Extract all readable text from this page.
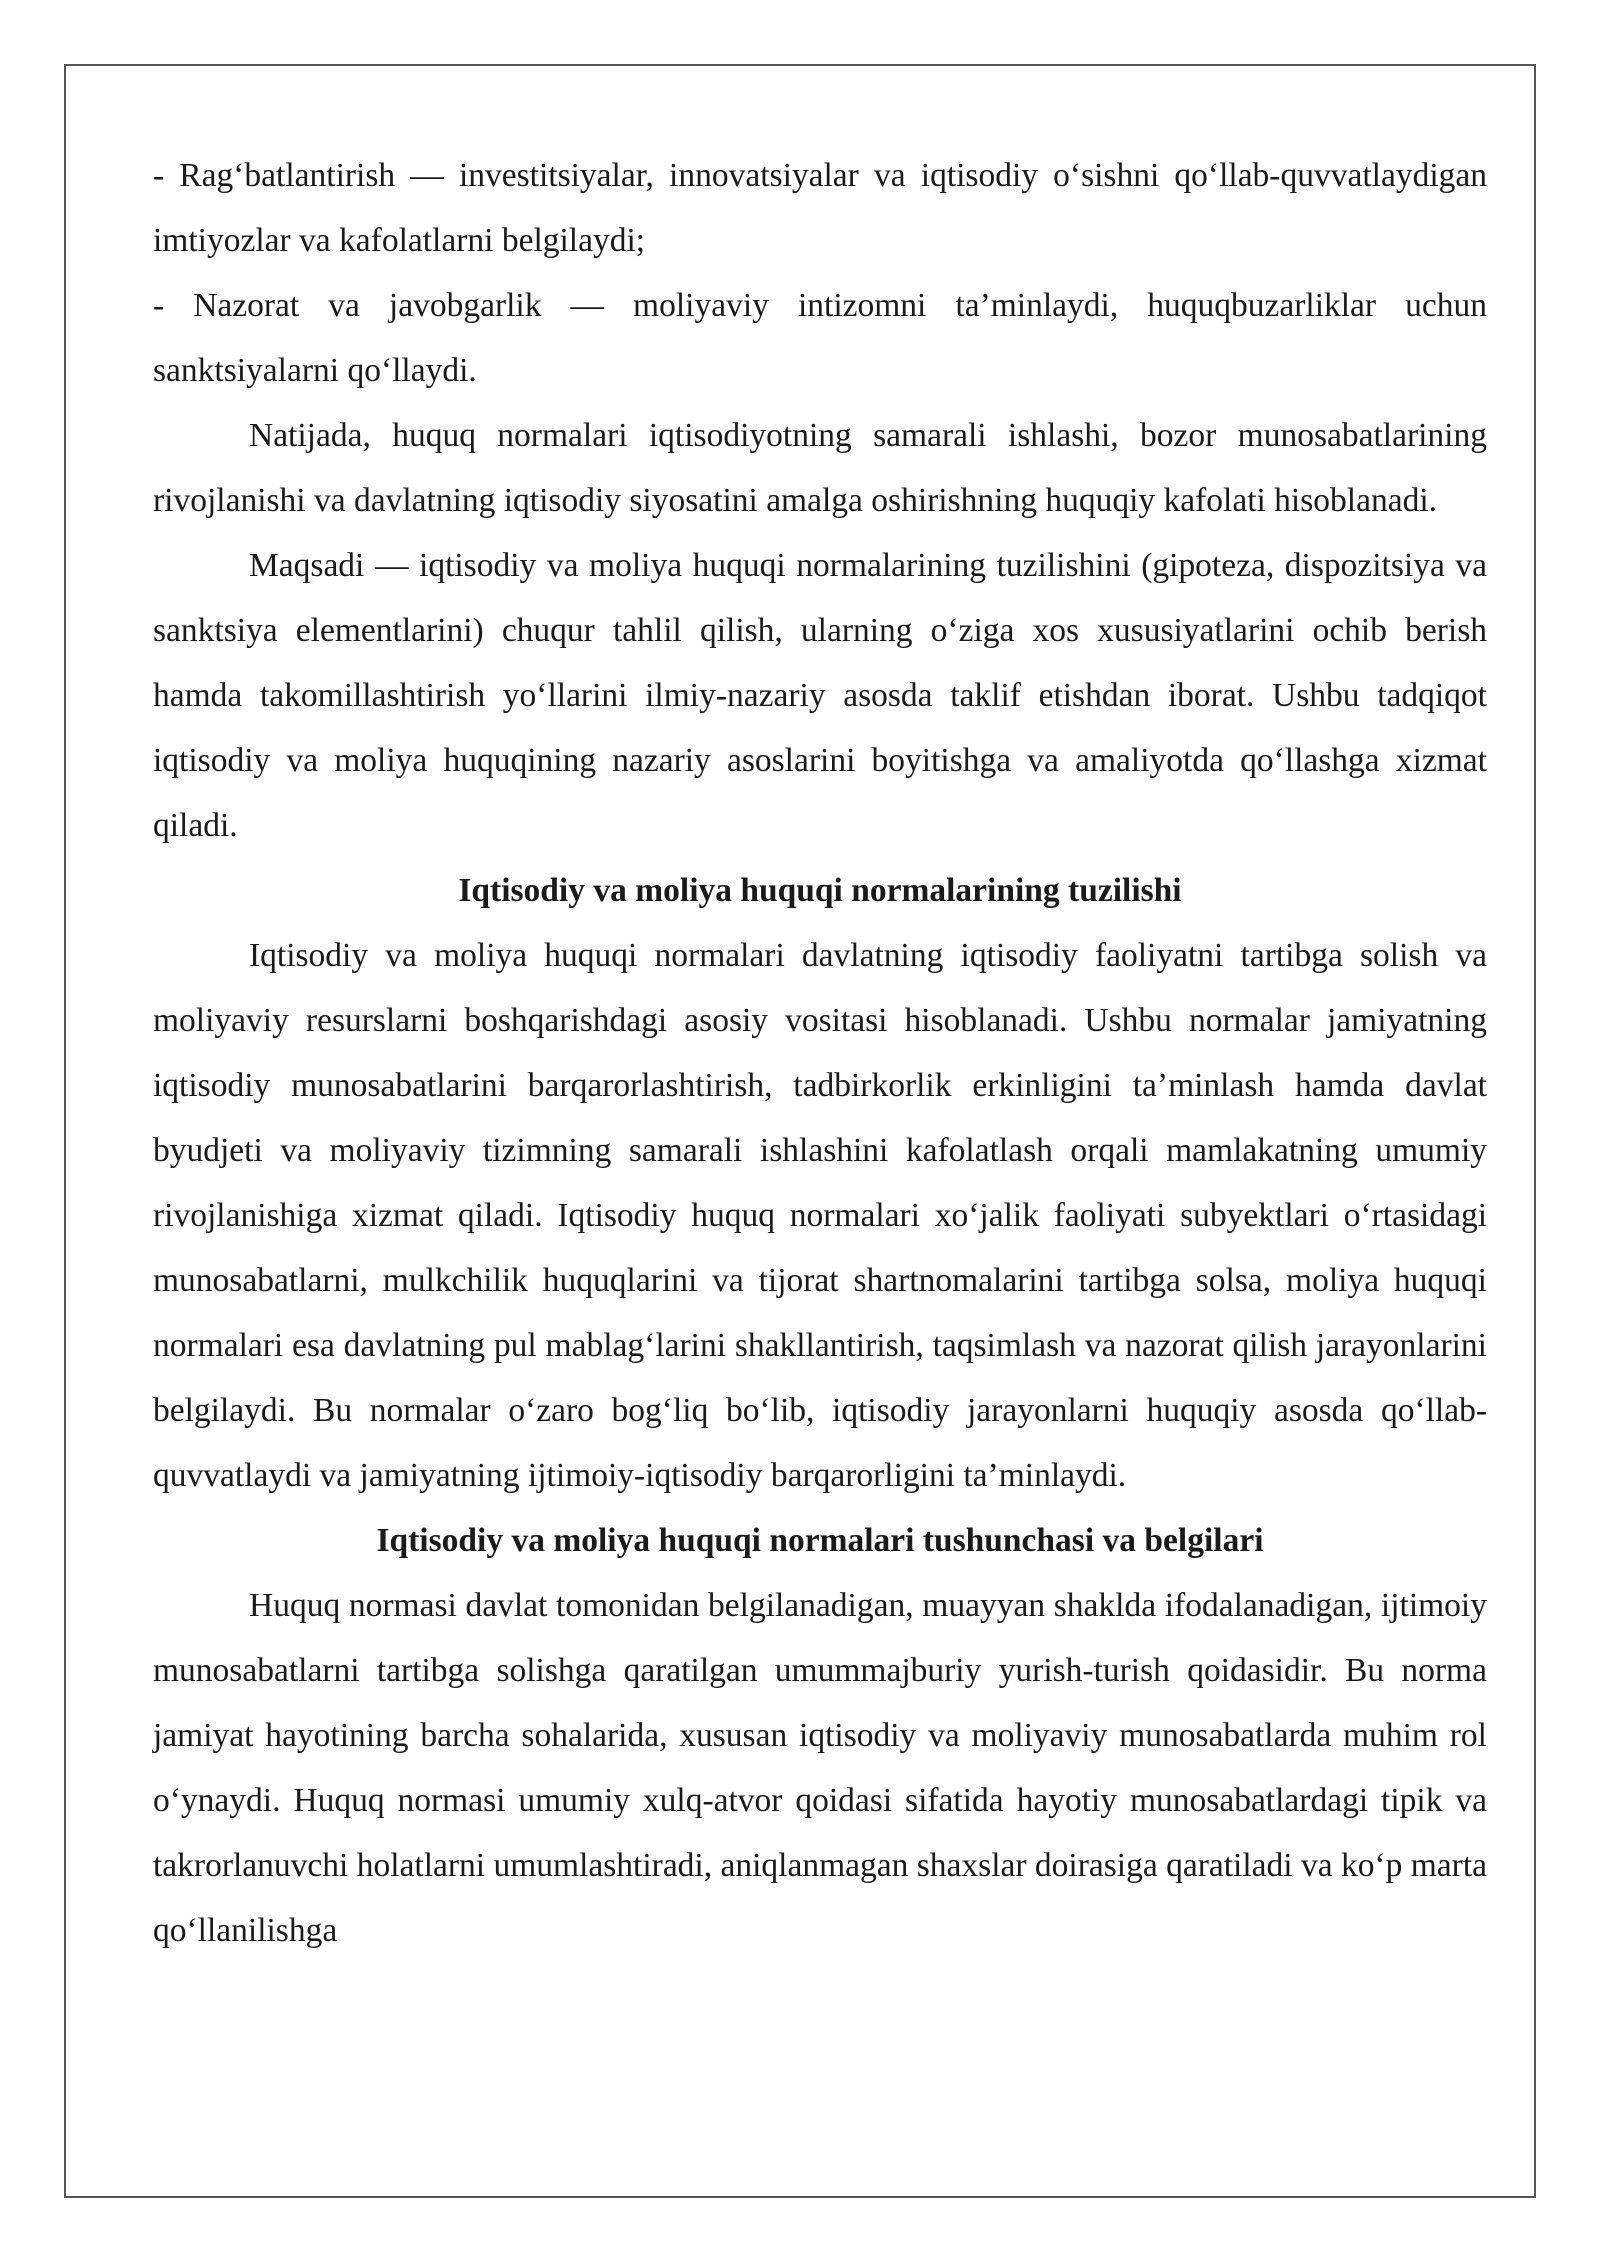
- Rag‘batlantirish — investitsiyalar, innovatsiyalar va iqtisodiy o‘sishni qo‘llab-quvvatlaydigan imtiyozlar va kafolatlarni belgilaydi;

- Nazorat va javobgarlik — moliyaviy intizomni ta’minlaydi, huquqbuzarliklar uchun sanktsiyalarni qo‘llaydi.

Natijada, huquq normalari iqtisodiyotning samarali ishlashi, bozor munosabatlarining rivojlanishi va davlatning iqtisodiy siyosatini amalga oshirishning huquqiy kafolati hisoblanadi.

Maqsadi — iqtisodiy va moliya huquqi normalarining tuzilishini (gipoteza, dispozitsiya va sanktsiya elementlarini) chuqur tahlil qilish, ularning o‘ziga xos xususiyatlarini ochib berish hamda takomillashtirish yo‘llarini ilmiy-nazariy asosda taklif etishdan iborat. Ushbu tadqiqot iqtisodiy va moliya huquqining nazariy asoslarini boyitishga va amaliyotda qo‘llashga xizmat qiladi.

Iqtisodiy va moliya huquqi normalarining tuzilishi

Iqtisodiy va moliya huquqi normalari davlatning iqtisodiy faoliyatni tartibga solish va moliyaviy resurslarni boshqarishdagi asosiy vositasi hisoblanadi. Ushbu normalar jamiyatning iqtisodiy munosabatlarini barqarorlashtirish, tadbirkorlik erkinligini ta’minlash hamda davlat byudjeti va moliyaviy tizimning samarali ishlashini kafolatlash orqali mamlakatning umumiy rivojlanishiga xizmat qiladi. Iqtisodiy huquq normalari xo‘jalik faoliyati subyektlari o‘rtasidagi munosabatlarni, mulkchilik huquqlarini va tijorat shartnomalarini tartibga solsa, moliya huquqi normalari esa davlatning pul mablag‘larini shakllantirish, taqsimlash va nazorat qilish jarayonlarini belgilaydi. Bu normalar o‘zaro bog‘liq bo‘lib, iqtisodiy jarayonlarni huquqiy asosda qo‘llab-quvvatlaydi va jamiyatning ijtimoiy-iqtisodiy barqarorligini ta’minlaydi.

Iqtisodiy va moliya huquqi normalari tushunchasi va belgilari

Huquq normasi davlat tomonidan belgilanadigan, muayyan shaklda ifodalanadigan, ijtimoiy munosabatlarni tartibga solishga qaratilgan umummajburiy yurish-turish qoidasidir. Bu norma jamiyat hayotining barcha sohalarida, xususan iqtisodiy va moliyaviy munosabatlarda muhim rol o‘ynaydi. Huquq normasi umumiy xulq-atvor qoidasi sifatida hayotiy munosabatlardagi tipik va takrorlanuvchi holatlarni umumlashtiradi, aniqlanmagan shaxslar doirasiga qaratiladi va ko‘p marta qo‘llanilishga
